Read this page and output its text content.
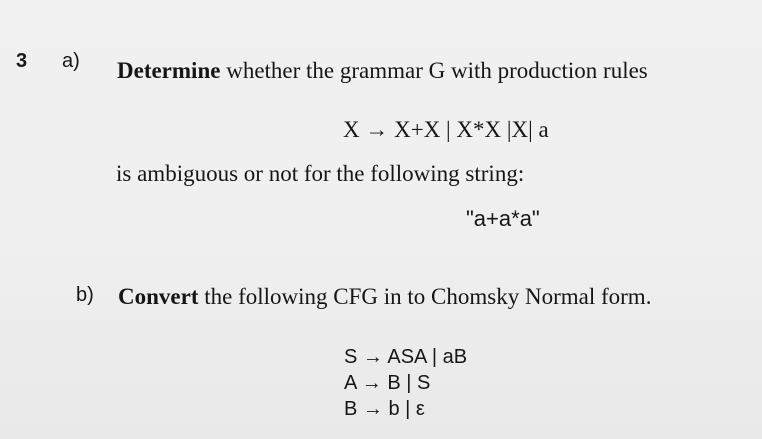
3 a) Determine whether the grammar G with production rules
X → X+X | X*X |X| a
is ambiguous or not for the following string:
"a+a*a"
b) Convert the following CFG in to Chomsky Normal form.
S → ASA | aB
A → B | S
B → b | ε
